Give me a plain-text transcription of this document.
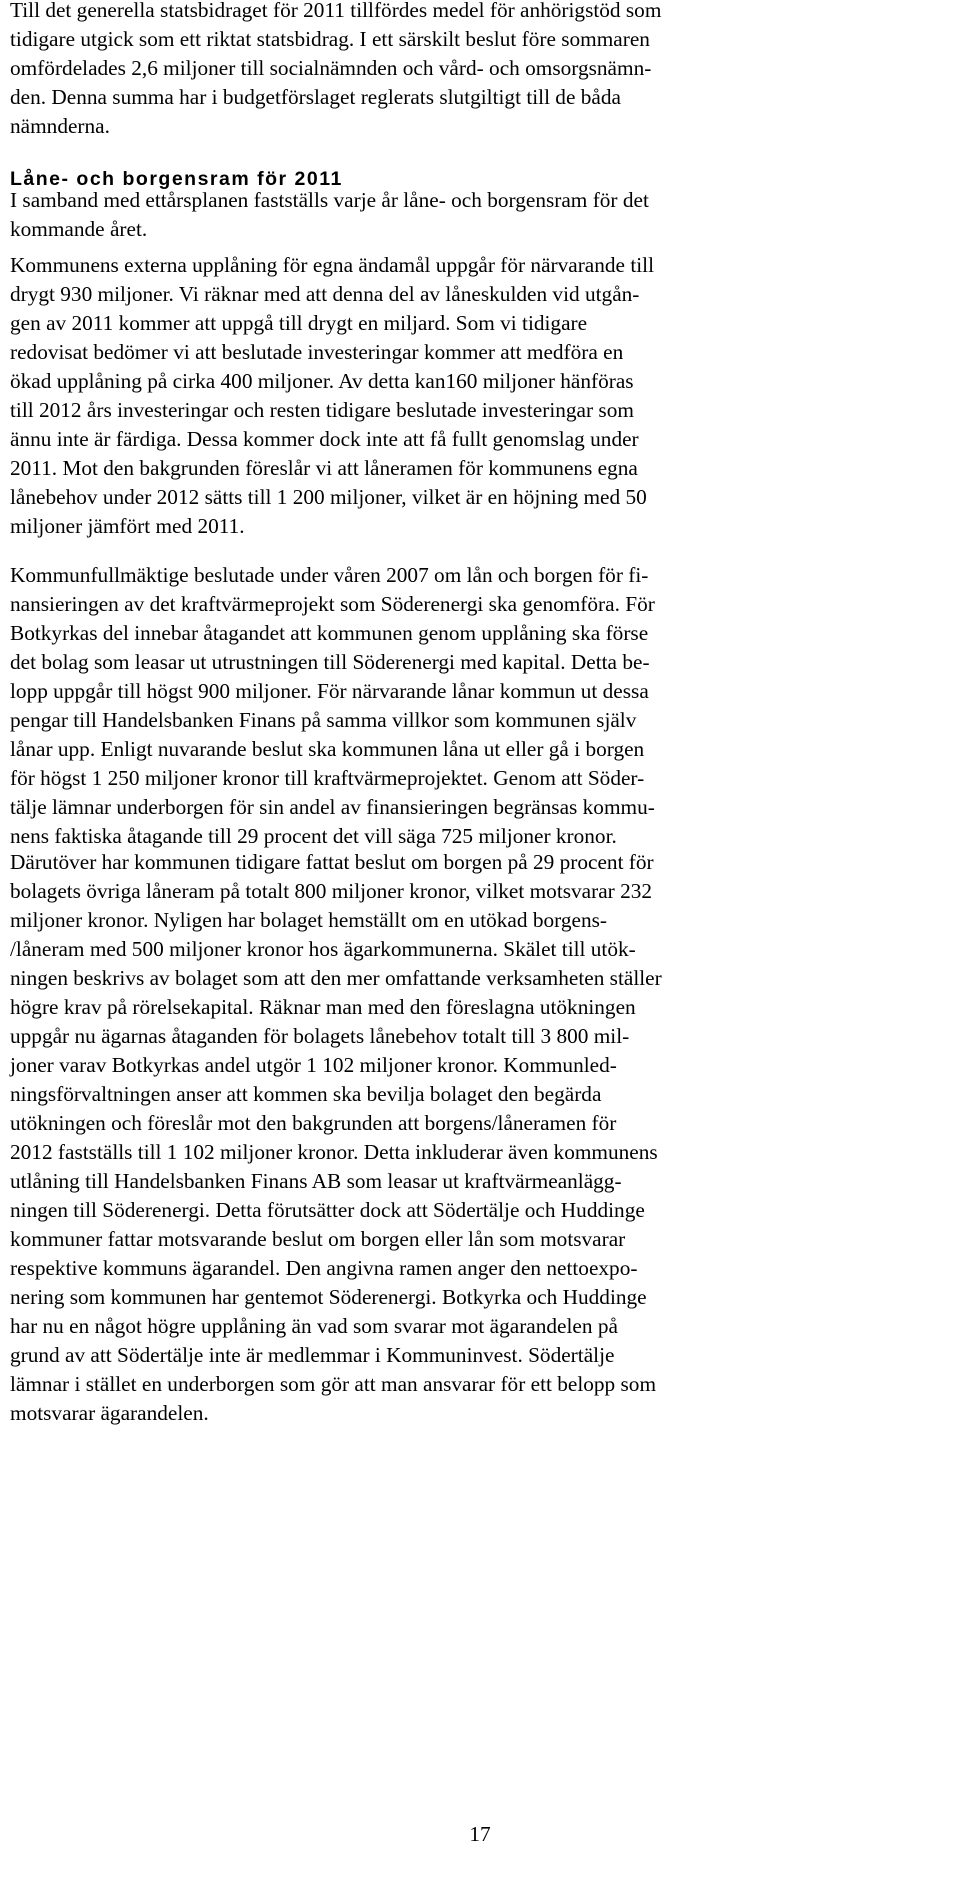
Till det generella statsbidraget för 2011 tillfördes medel för anhörigstöd som
tidigare utgick som ett riktat statsbidrag. I ett särskilt beslut före sommaren
omfördelades 2,6 miljoner till socialnämnden och vård- och omsorgsnämn-
den. Denna summa har i budgetförslaget reglerats slutgiltigt till de båda
nämnderna.

Låne- och borgensram för 2011

I samband med ettårsplanen fastställs varje år låne- och borgensram för det
kommande året.

Kommunens externa upplåning för egna ändamål uppgår för närvarande till
drygt 930 miljoner. Vi räknar med att denna del av låneskulden vid utgån-
gen av 2011 kommer att uppgå till drygt en miljard. Som vi tidigare
redovisat bedömer vi att beslutade investeringar kommer att medföra en
ökad upplåning på cirka 400 miljoner. Av detta kan160 miljoner hänföras
till 2012 års investeringar och resten tidigare beslutade investeringar som
ännu inte är färdiga. Dessa kommer dock inte att få fullt genomslag under
2011. Mot den bakgrunden föreslår vi att låneramen för kommunens egna
lånebehov under 2012 sätts till 1 200 miljoner, vilket är en höjning med 50
miljoner jämfört med 2011.

Kommunfullmäktige beslutade under våren 2007 om lån och borgen för fi-
nansieringen av det kraftvärmeprojekt som Söderenergi ska genomföra. För
Botkyrkas del innebar åtagandet att kommunen genom upplåning ska förse
det bolag som leasar ut utrustningen till Söderenergi med kapital. Detta be-
lopp uppgår till högst 900 miljoner. För närvarande lånar kommun ut dessa
pengar till Handelsbanken Finans på samma villkor som kommunen själv
lånar upp. Enligt nuvarande beslut ska kommunen låna ut eller gå i borgen
för högst 1 250 miljoner kronor till kraftvärmeprojektet. Genom att Söder-
tälje lämnar underborgen för sin andel av finansieringen begränsas kommu-
nens faktiska åtagande till 29 procent det vill säga 725 miljoner kronor.

Därutöver har kommunen tidigare fattat beslut om borgen på 29 procent för
bolagets övriga låneram på totalt 800 miljoner kronor, vilket motsvarar 232
miljoner kronor. Nyligen har bolaget hemställt om en utökad borgens-
/låneram med 500 miljoner kronor hos ägarkommunerna. Skälet till utök-
ningen beskrivs av bolaget som att den mer omfattande verksamheten ställer
högre krav på rörelsekapital. Räknar man med den föreslagna utökningen
uppgår nu ägarnas åtaganden för bolagets lånebehov totalt till 3 800 mil-
joner varav Botkyrkas andel utgör 1 102 miljoner kronor. Kommunled-
ningsförvaltningen anser att kommen ska bevilja bolaget den begärda
utökningen och föreslår mot den bakgrunden att borgens/låneramen för
2012 fastställs till 1 102 miljoner kronor. Detta inkluderar även kommunens
utlåning till Handelsbanken Finans AB som leasar ut kraftvärmeanlägg-
ningen till Söderenergi. Detta förutsätter dock att Södertälje och Huddinge
kommuner fattar motsvarande beslut om borgen eller lån som motsvarar
respektive kommuns ägarandel. Den angivna ramen anger den nettoexpo-
nering som kommunen har gentemot Söderenergi. Botkyrka och Huddinge
har nu en något högre upplåning än vad som svarar mot ägarandelen på
grund av att Södertälje inte är medlemmar i Kommuninvest. Södertälje
lämnar i stället en underborgen som gör att man ansvarar för ett belopp som
motsvarar ägarandelen.

17
